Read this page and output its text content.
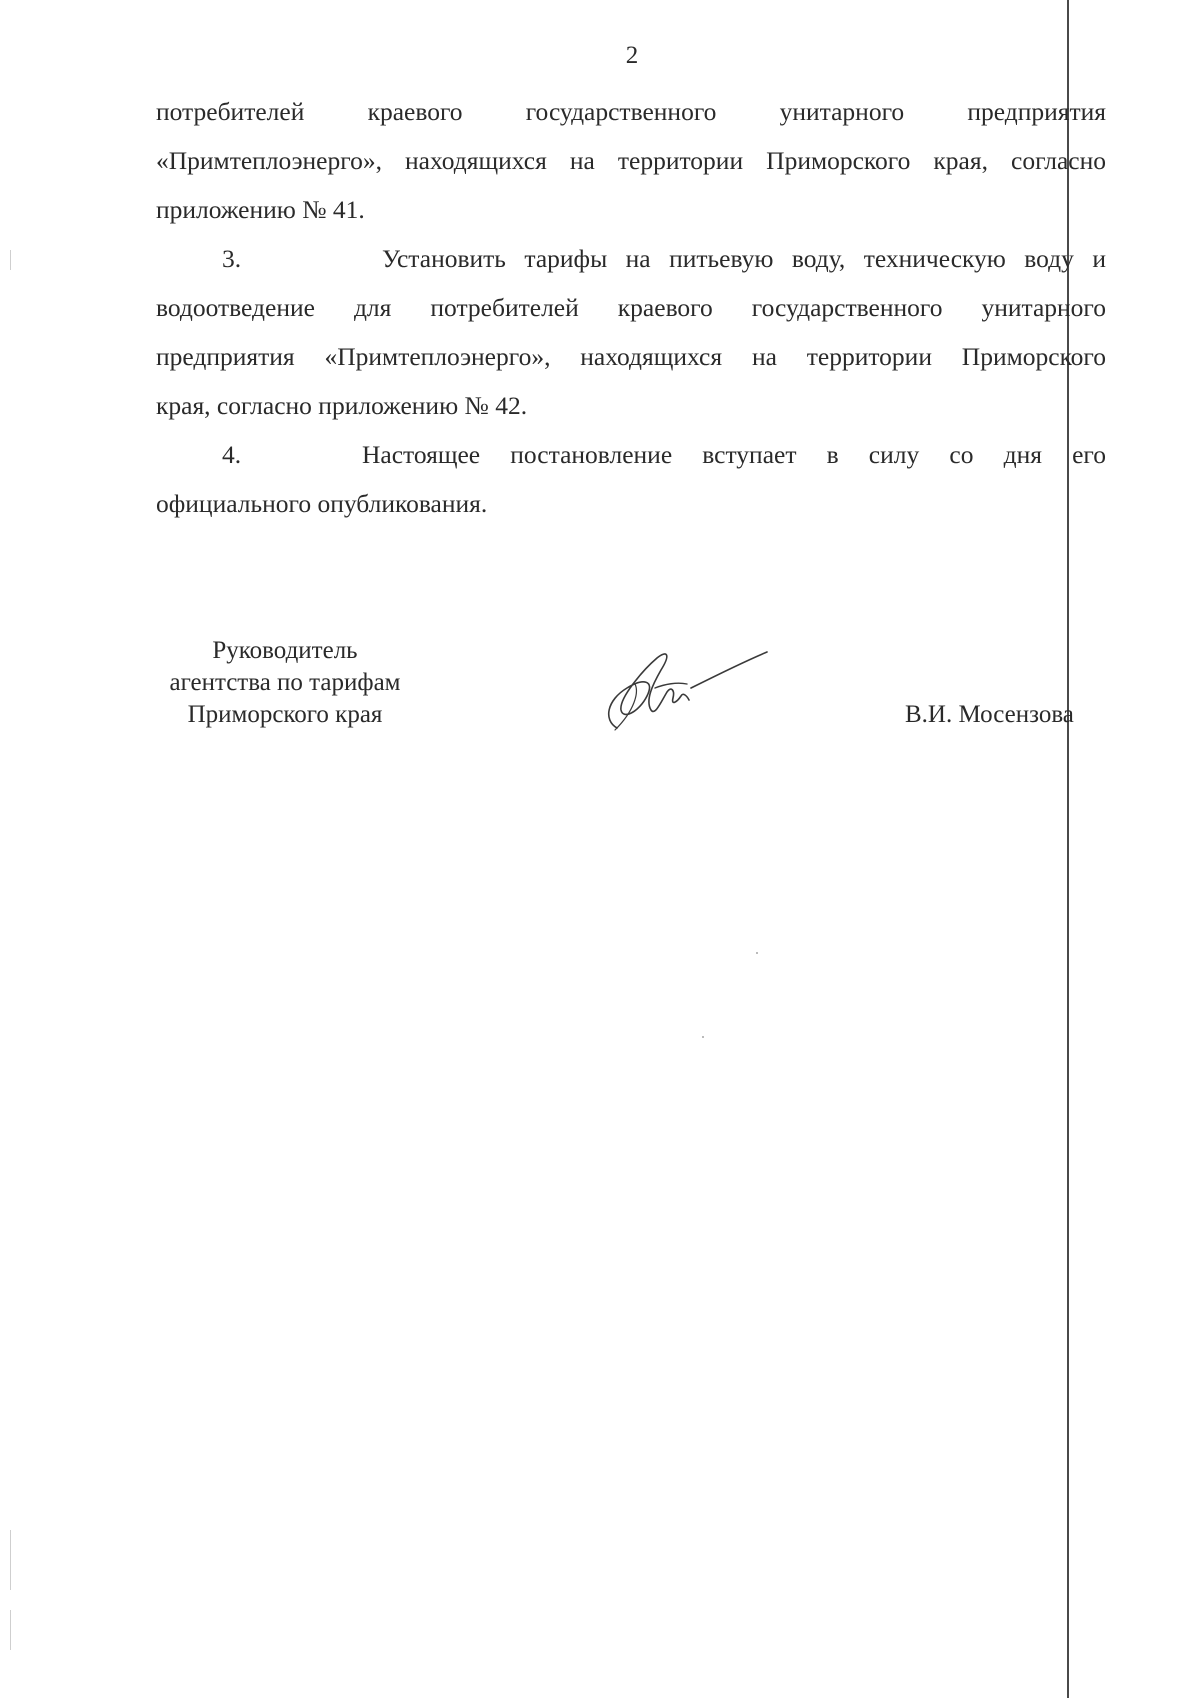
2
потребителей краевого государственного унитарного предприятия
«Примтеплоэнерго», находящихся на территории Приморского края, согласно
приложению № 41.
3.	Установить тарифы на питьевую воду, техническую воду и
водоотведение для потребителей краевого государственного унитарного
предприятия «Примтеплоэнерго», находящихся на территории Приморского
края, согласно приложению № 42.
4.	Настоящее постановление вступает в силу со дня его
официального опубликования.
Руководитель
агентства по тарифам
Приморского края	В.И. Мосензова
